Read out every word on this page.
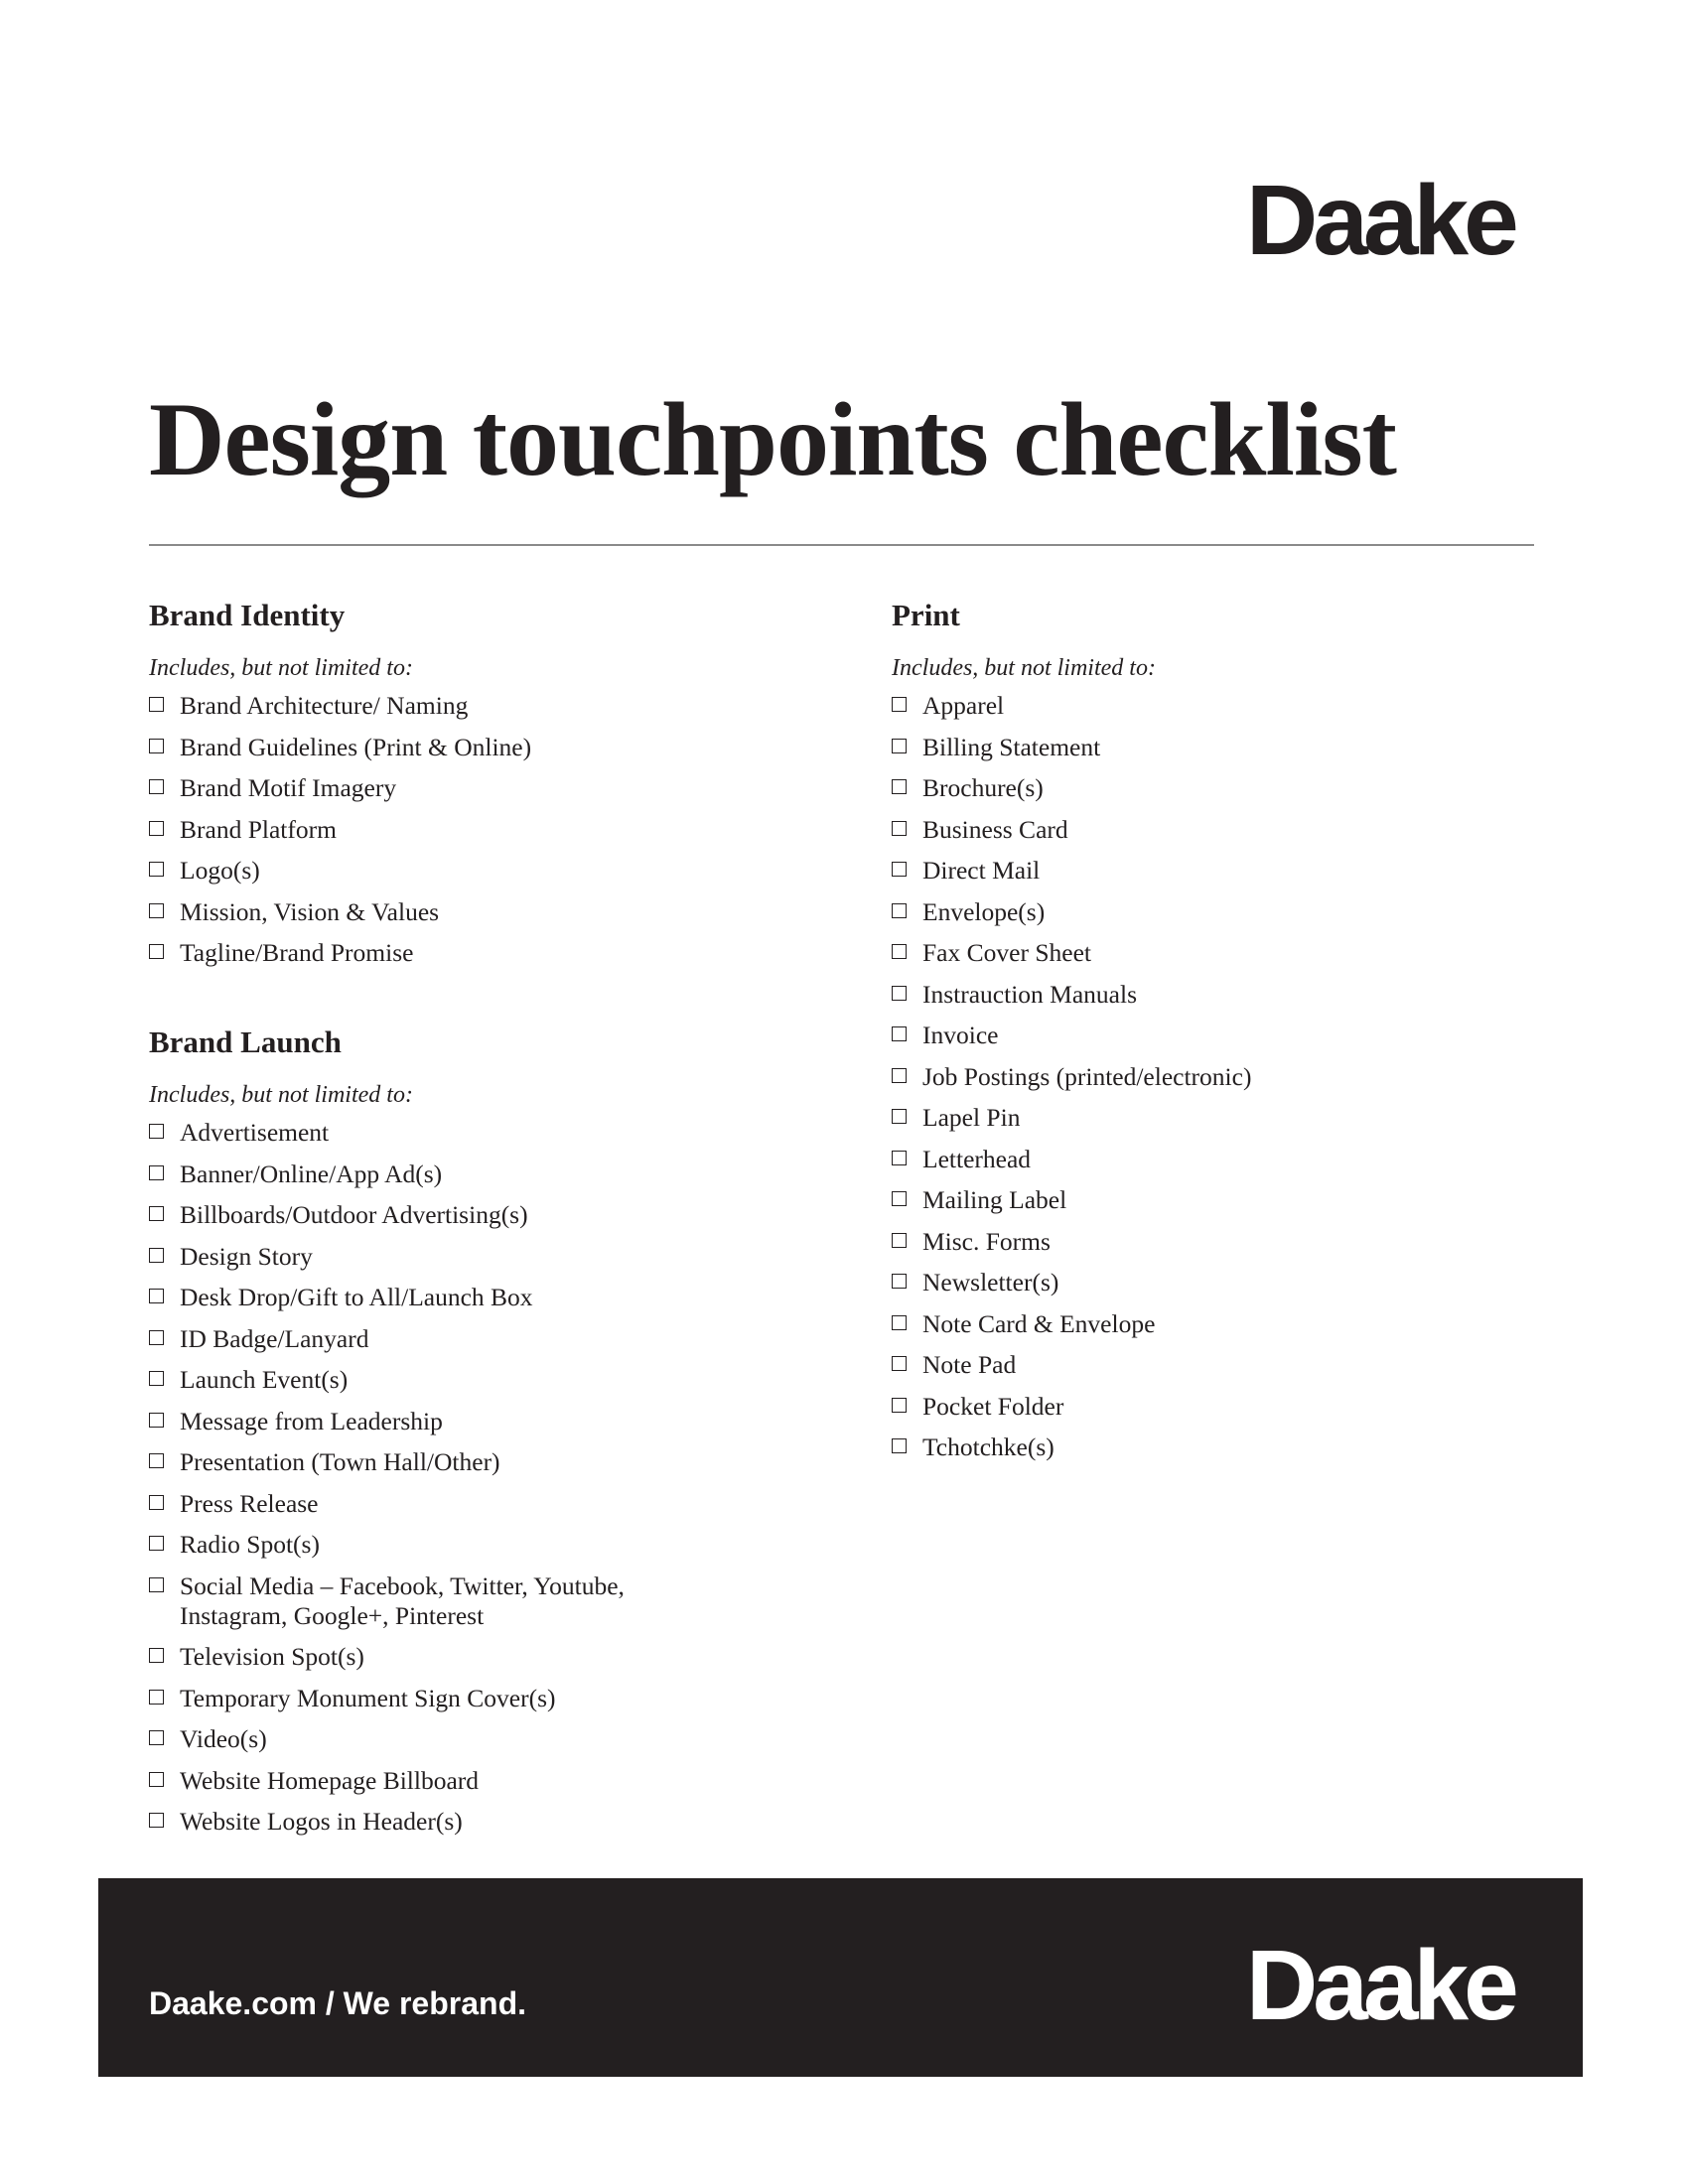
Daake
Design touchpoints checklist
Brand Identity
Includes, but not limited to:
Brand Architecture/ Naming
Brand Guidelines (Print & Online)
Brand Motif Imagery
Brand Platform
Logo(s)
Mission, Vision & Values
Tagline/Brand Promise
Brand Launch
Includes, but not limited to:
Advertisement
Banner/Online/App Ad(s)
Billboards/Outdoor Advertising(s)
Design Story
Desk Drop/Gift to All/Launch Box
ID Badge/Lanyard
Launch Event(s)
Message from Leadership
Presentation (Town Hall/Other)
Press Release
Radio Spot(s)
Social Media – Facebook, Twitter, Youtube,
Instagram, Google+, Pinterest
Television Spot(s)
Temporary Monument Sign Cover(s)
Video(s)
Website Homepage Billboard
Website Logos in Header(s)
Print
Includes, but not limited to:
Apparel
Billing Statement
Brochure(s)
Business Card
Direct Mail
Envelope(s)
Fax Cover Sheet
Instrauction Manuals
Invoice
Job Postings (printed/electronic)
Lapel Pin
Letterhead
Mailing Label
Misc. Forms
Newsletter(s)
Note Card & Envelope
Note Pad
Pocket Folder
Tchotchke(s)
Daake.com / We rebrand.	Daake
